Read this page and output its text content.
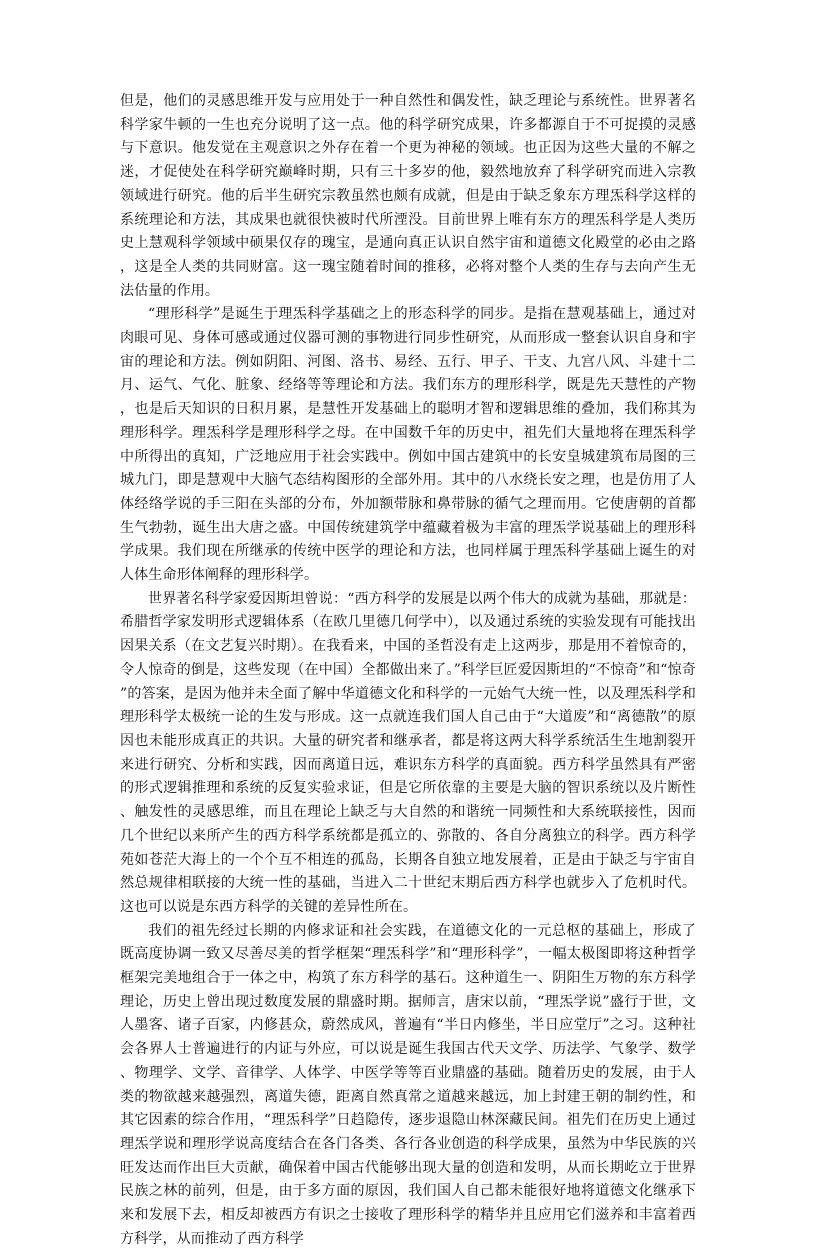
但是，他们的灵感思维开发与应用处于一种自然性和偶发性，缺乏理论与系统性。世界著名科学家牛顿的一生也充分说明了这一点。他的科学研究成果，许多都源自于不可捉摸的灵感与下意识。他发觉在主观意识之外存在着一个更为神秘的领域。也正因为这些大量的不解之迷，才促使处在科学研究巅峰时期，只有三十多岁的他，毅然地放弃了科学研究而进入宗教领域进行研究。他的后半生研究宗教虽然也颇有成就，但是由于缺乏象东方理炁科学这样的系统理论和方法，其成果也就很快被时代所湮没。目前世界上唯有东方的理炁科学是人类历史上慧观科学领域中硕果仅存的瑰宝，是通向真正认识自然宇宙和道德文化殿堂的必由之路，这是全人类的共同财富。这一瑰宝随着时间的推移，必将对整个人类的生存与去向产生无法估量的作用。

“理形科学”是诞生于理炁科学基础之上的形态科学的同步。是指在慧观基础上，通过对肉眼可见、身体可感或通过仪器可测的事物进行同步性研究，从而形成一整套认识自身和宇宙的理论和方法。例如阴阳、河图、洛书、易经、五行、甲子、干支、九宫八风、斗建十二月、运气、气化、脏象、经络等等理论和方法。我们东方的理形科学，既是先天慧性的产物，也是后天知识的日积月累，是慧性开发基础上的聪明才智和逻辑思维的叠加，我们称其为理形科学。理炁科学是理形科学之母。在中国数千年的历史中，祖先们大量地将在理炁科学中所得出的真知，广泛地应用于社会实践中。例如中国古建筑中的长安皇城建筑布局图的三城九门，即是慧观中大脑气态结构图形的全部外用。其中的八水绕长安之理，也是仿用了人体经络学说的手三阳在头部的分布，外加额带脉和鼻带脉的循气之理而用。它使唐朝的首都生气勃勃，诞生出大唐之盛。中国传统建筑学中蕴藏着极为丰富的理炁学说基础上的理形科学成果。我们现在所继承的传统中医学的理论和方法，也同样属于理炁科学基础上诞生的对人体生命形体阐释的理形科学。

世界著名科学家爱因斯坦曾说：“西方科学的发展是以两个伟大的成就为基础，那就是：希腊哲学家发明形式逻辑体系（在欧几里德几何学中），以及通过系统的实验发现有可能找出因果关系（在文艺复兴时期）。在我看来，中国的圣哲没有走上这两步，那是用不着惊奇的，令人惊奇的倒是，这些发现（在中国）全都做出来了。”科学巨匠爱因斯坦的“不惊奇”和“惊奇”的答案，是因为他并未全面了解中华道德文化和科学的一元始气大统一性，以及理炁科学和理形科学太极统一论的生发与形成。这一点就连我们国人自己由于“大道废”和“离德散”的原因也未能形成真正的共识。大量的研究者和继承者，都是将这两大科学系统活生生地割裂开来进行研究、分析和实践，因而离道日远，难识东方科学的真面貌。西方科学虽然具有严密的形式逻辑推理和系统的反复实验求证，但是它所依靠的主要是大脑的智识系统以及片断性、触发性的灵感思维，而且在理论上缺乏与大自然的和谐统一同频性和大系统联接性，因而几个世纪以来所产生的西方科学系统都是孤立的、弥散的、各自分离独立的科学。西方科学苑如苍茫大海上的一个个互不相连的孤岛，长期各自独立地发展着，正是由于缺乏与宇宙自然总规律相联接的大统一性的基础，当进入二十世纪末期后西方科学也就步入了危机时代。这也可以说是东西方科学的关键的差异性所在。

我们的祖先经过长期的内修求证和社会实践，在道德文化的一元总枢的基础上，形成了既高度协调一致又尽善尽美的哲学框架“理炁科学”和“理形科学”，一幅太极图即将这种哲学框架完美地组合于一体之中，构筑了东方科学的基石。这种道生一、阴阳生万物的东方科学理论，历史上曾出现过数度发展的鼎盛时期。据师言，唐宋以前，“理炁学说”盛行于世，文人墨客、诸子百家，内修甚众，蔚然成风，普遍有“半日内修坐，半日应堂厅”之习。这种社会各界人士普遍进行的内证与外应，可以说是诞生我国古代天文学、历法学、气象学、数学、物理学、文学、音律学、人体学、中医学等等百业鼎盛的基础。随着历史的发展，由于人类的物欲越来越强烈，离道失德，距离自然真常之道越来越远，加上封建王朝的制约性，和其它因素的综合作用，“理炁科学”日趋隐传，逐步退隐山林深藏民间。祖先们在历史上通过理炁学说和理形学说高度结合在各门各类、各行各业创造的科学成果，虽然为中华民族的兴旺发达而作出巨大贡献，确保着中国古代能够出现大量的创造和发明，从而长期屹立于世界民族之林的前列，但是，由于多方面的原因，我们国人自己都未能很好地将道德文化继承下来和发展下去，相反却被西方有识之士接收了理形科学的精华并且应用它们滋养和丰富着西方科学，从而推动了西方科学
